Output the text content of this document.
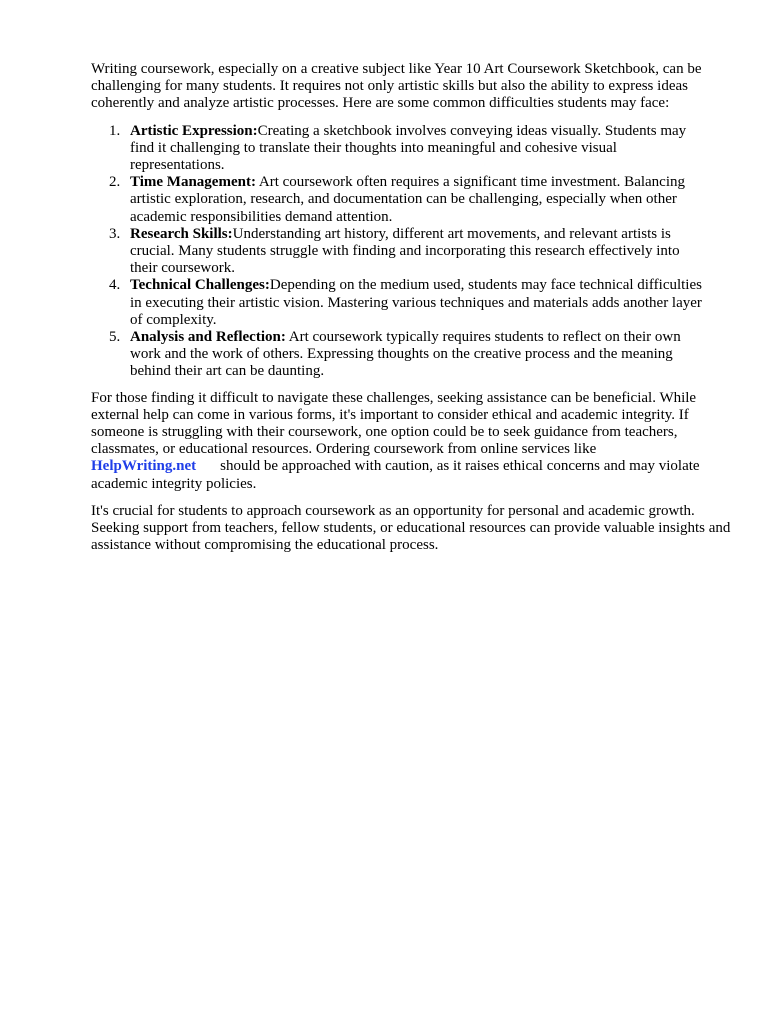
Writing coursework, especially on a creative subject like Year 10 Art Coursework Sketchbook, can be challenging for many students. It requires not only artistic skills but also the ability to express ideas coherently and analyze artistic processes. Here are some common difficulties students may face:

1. Artistic Expression:Creating a sketchbook involves conveying ideas visually. Students may find it challenging to translate their thoughts into meaningful and cohesive visual representations.
2. Time Management: Art coursework often requires a significant time investment. Balancing artistic exploration, research, and documentation can be challenging, especially when other academic responsibilities demand attention.
3. Research Skills:Understanding art history, different art movements, and relevant artists is crucial. Many students struggle with finding and incorporating this research effectively into their coursework.
4. Technical Challenges:Depending on the medium used, students may face technical difficulties in executing their artistic vision. Mastering various techniques and materials adds another layer of complexity.
5. Analysis and Reflection: Art coursework typically requires students to reflect on their own work and the work of others. Expressing thoughts on the creative process and the meaning behind their art can be daunting.

For those finding it difficult to navigate these challenges, seeking assistance can be beneficial. While external help can come in various forms, it's important to consider ethical and academic integrity. If someone is struggling with their coursework, one option could be to seek guidance from teachers, classmates, or educational resources. Ordering coursework from online services like HelpWriting.net should be approached with caution, as it raises ethical concerns and may violate academic integrity policies.

It's crucial for students to approach coursework as an opportunity for personal and academic growth. Seeking support from teachers, fellow students, or educational resources can provide valuable insights and assistance without compromising the educational process.
